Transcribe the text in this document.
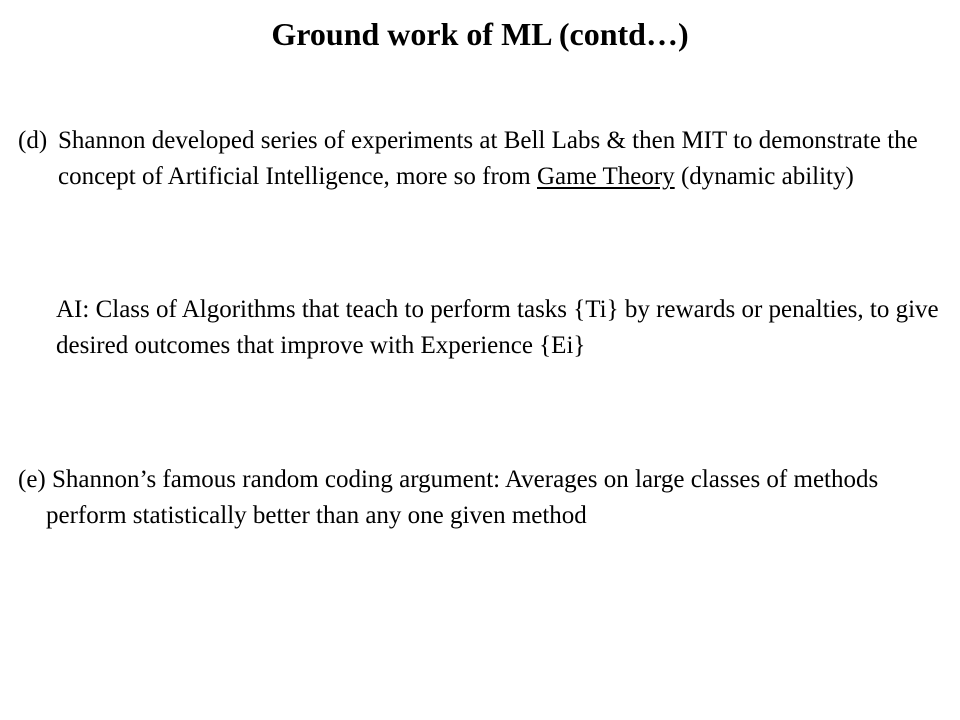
Ground work of ML (contd…)
(d) Shannon developed series of experiments at Bell Labs & then MIT to demonstrate the concept of Artificial Intelligence, more so from Game Theory (dynamic ability)
AI: Class of Algorithms that teach to perform tasks {Ti} by rewards or penalties, to give desired outcomes that improve with Experience {Ei}
(e) Shannon’s famous random coding argument: Averages on large classes of methods perform statistically better than any one given method
